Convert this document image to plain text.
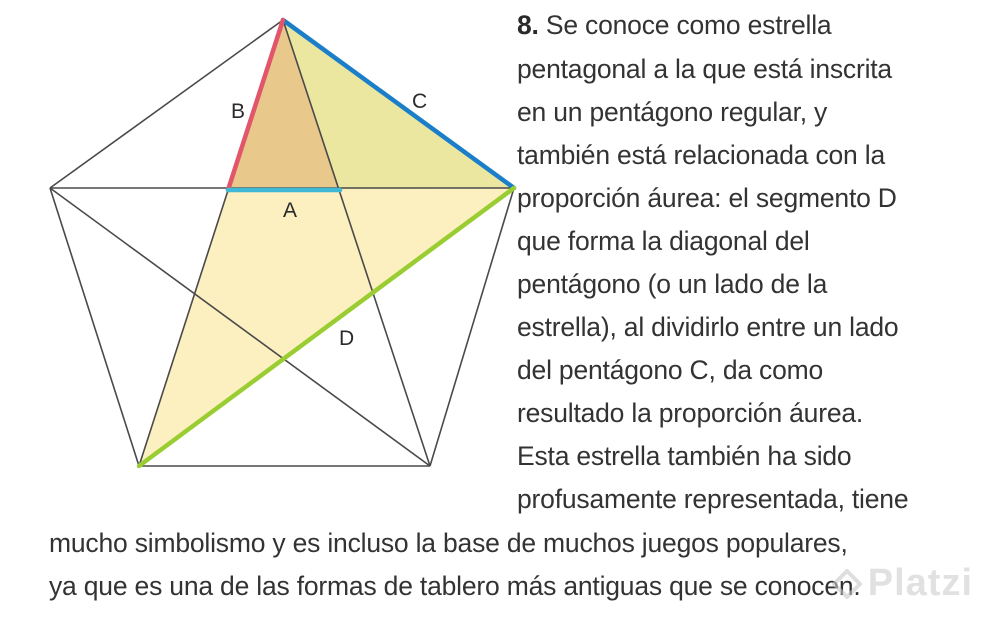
B	C
A
D
8. Se conoce como estrella
pentagonal a la que está inscrita
en un pentágono regular, y
también está relacionada con la
proporción áurea: el segmento D
que forma la diagonal del
pentágono (o un lado de la
estrella), al dividirlo entre un lado
del pentágono C, da como
resultado la proporción áurea.
Esta estrella también ha sido
profusamente representada, tiene
mucho simbolismo y es incluso la base de muchos juegos populares,
ya que es una de las formas de tablero más antiguas que se conocen. Platzi
